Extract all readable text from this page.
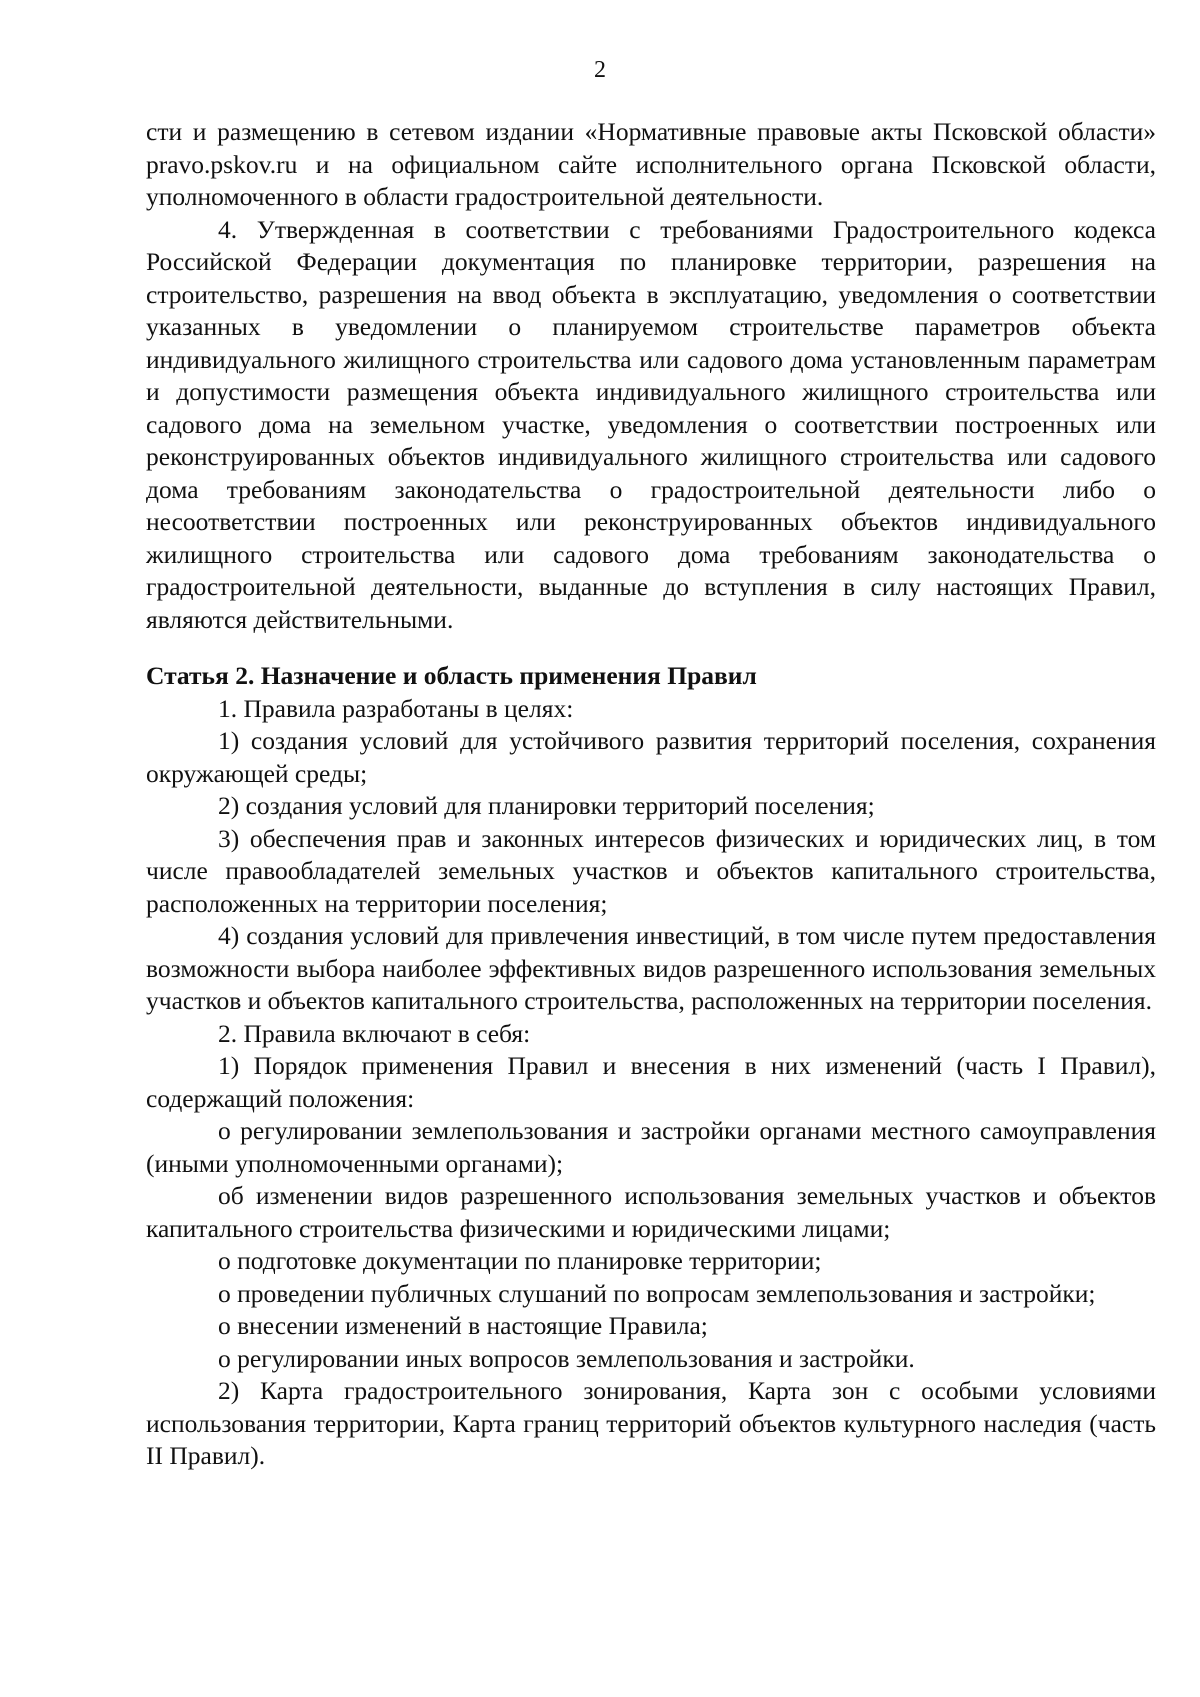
2

сти и размещению в сетевом издании «Нормативные правовые акты Псковской области» pravo.pskov.ru и на официальном сайте исполнительного органа Псковской области, уполномоченного в области градостроительной деятельности.

4. Утвержденная в соответствии с требованиями Градостроительного кодекса Российской Федерации документация по планировке территории, разрешения на строительство, разрешения на ввод объекта в эксплуатацию, уведомления о соответствии указанных в уведомлении о планируемом строительстве параметров объекта индивидуального жилищного строительства или садового дома установленным параметрам и допустимости размещения объекта индивидуального жилищного строительства или садового дома на земельном участке, уведомления о соответствии построенных или реконструированных объектов индивидуального жилищного строительства или садового дома требованиям законодательства о градостроительной деятельности либо о несоответствии построенных или реконструированных объектов индивидуального жилищного строительства или садового дома требованиям законодательства о градостроительной деятельности, выданные до вступления в силу настоящих Правил, являются действительными.

Статья 2. Назначение и область применения Правил

1. Правила разработаны в целях:

1) создания условий для устойчивого развития территорий поселения, сохранения окружающей среды;

2) создания условий для планировки территорий поселения;

3) обеспечения прав и законных интересов физических и юридических лиц, в том числе правообладателей земельных участков и объектов капитального строительства, расположенных на территории поселения;

4) создания условий для привлечения инвестиций, в том числе путем предоставления возможности выбора наиболее эффективных видов разрешенного использования земельных участков и объектов капитального строительства, расположенных на территории поселения.

2. Правила включают в себя:

1) Порядок применения Правил и внесения в них изменений (часть I Правил), содержащий положения:

о регулировании землепользования и застройки органами местного самоуправления (иными уполномоченными органами);

об изменении видов разрешенного использования земельных участков и объектов капитального строительства физическими и юридическими лицами;

о подготовке документации по планировке территории;

о проведении публичных слушаний по вопросам землепользования и застройки;

о внесении изменений в настоящие Правила;

о регулировании иных вопросов землепользования и застройки.

2) Карта градостроительного зонирования, Карта зон с особыми условиями использования территории, Карта границ территорий объектов культурного наследия (часть II Правил).
